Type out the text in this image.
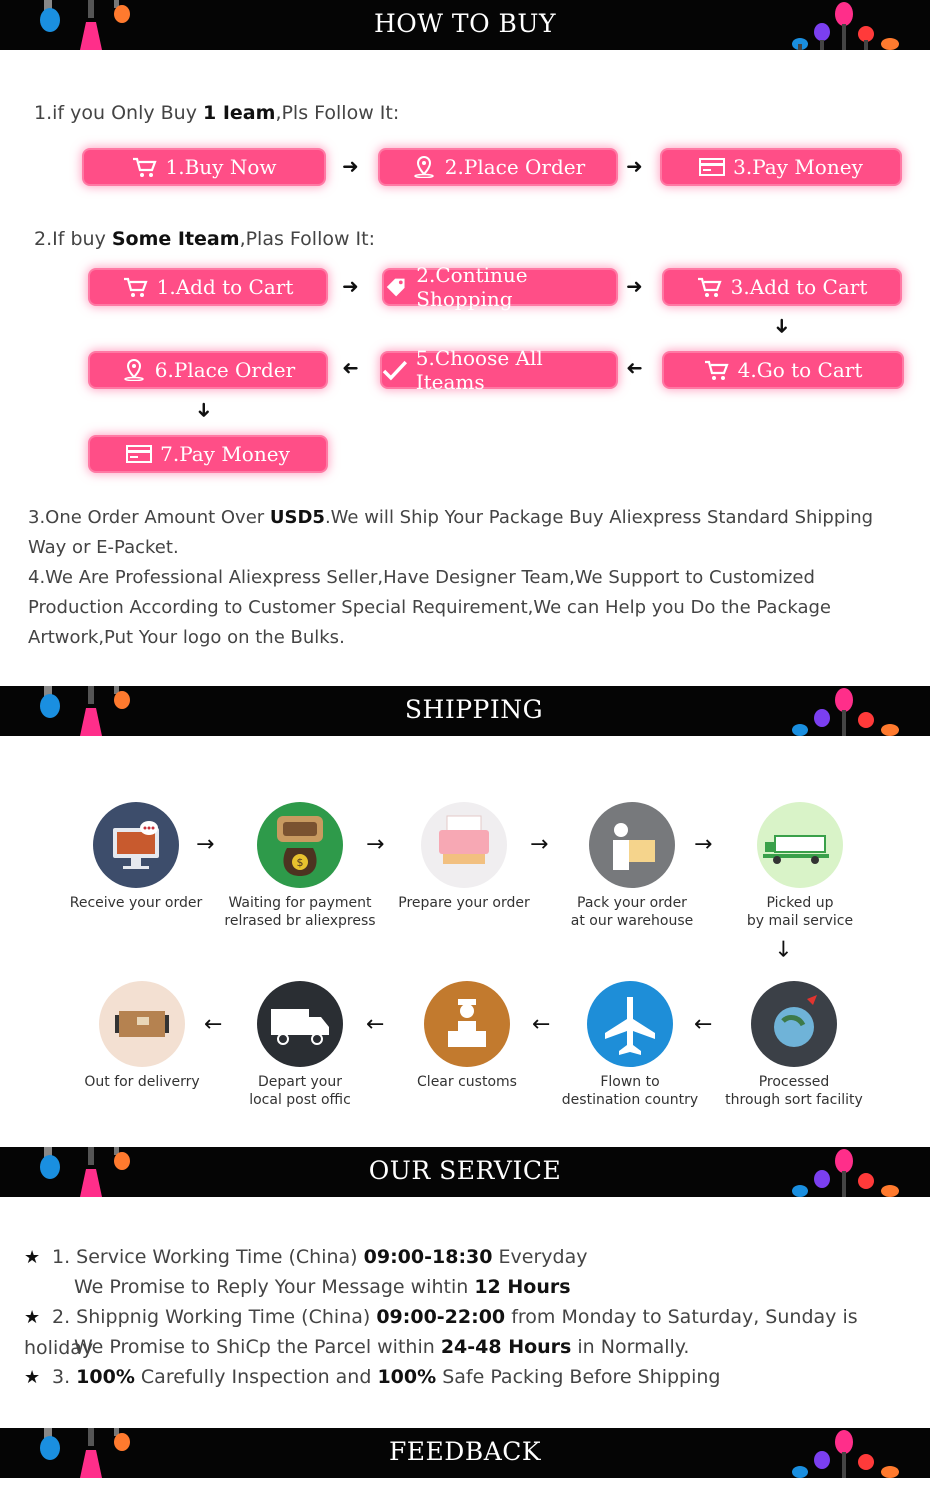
HOW TO BUY
1.if you Only Buy 1 Ieam,Pls Follow It:
1.Buy Now	➜	2.Place Order ➜	3.Pay Money
2.If buy Some Iteam,Plas Follow It:
1.Add to Cart ➜	2.Continue Shopping
➜	3.Add to Cart
➜
4.Go to Cart
➜
5.Choose All Iteams
➜
6.Place Order
➜
7.Pay Money
3.One Order Amount Over USD5.We will Ship Your Package Buy Aliexpress Standard Shipping Way or E-Packet.
4.We Are Professional Aliexpress Seller,Have Designer Team,We Support to Customized Production According to Customer Special Requirement,We can Help you Do the Package Artwork,Put Your logo on the Bulks.
SHIPPING
Receive your order
→
$
Waiting for payment
relrased br aliexpress
→
Prepare your order
→
Pack your order
at our warehouse
→
Picked up
by mail service
→
Processed
through sort facility
←
Flown to
destination country
←
Clear customs
←
Depart your
local post offic
←
Out for deliverry
OUR SERVICE
★ 1. Service Working Time (China) 09:00-18:30 Everyday
We Promise to Reply Your Message wihtin 12 Hours
★ 2. Shippnig Working Time (China) 09:00-22:00 from Monday to Saturday, Sunday is holiday
We Promise to ShiCp the Parcel within 24-48 Hours in Normally.
★ 3. 100% Carefully Inspection and 100% Safe Packing Before Shipping
FEEDBACK
